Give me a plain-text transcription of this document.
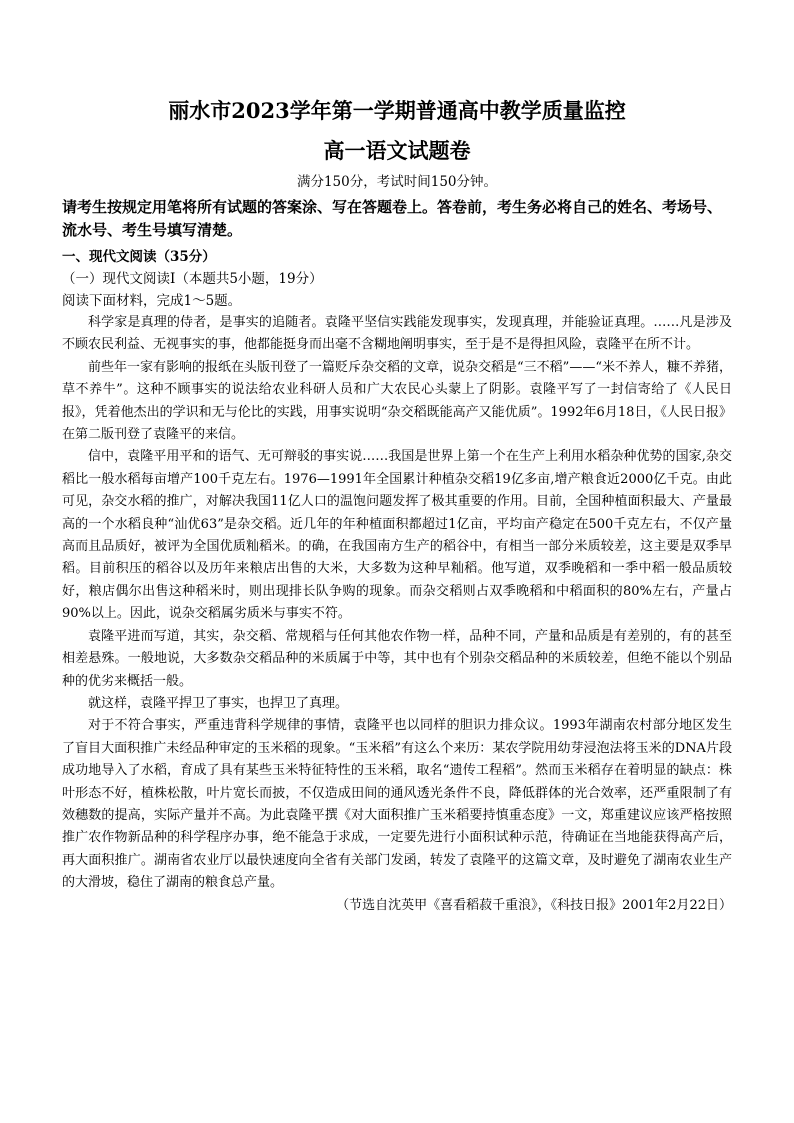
丽水市2023学年第一学期普通高中教学质量监控
高一语文试题卷

满分150分，考试时间150分钟。

请考生按规定用笔将所有试题的答案涂、写在答题卷上。答卷前，考生务必将自己的姓名、考场号、流水号、考生号填写清楚。

一、现代文阅读（35分）

（一）现代文阅读Ⅰ（本题共5小题，19分）

阅读下面材料，完成1～5题。

科学家是真理的侍者，是事实的追随者。袁隆平坚信实践能发现事实，发现真理，并能验证真理。……凡是涉及不顾农民利益、无视事实的事，他都能挺身而出毫不含糊地阐明事实，至于是不是得担风险，袁隆平在所不计。

前些年一家有影响的报纸在头版刊登了一篇贬斥杂交稻的文章，说杂交稻是“三不稻”——“米不养人，糠不养猪，草不养牛”。这种不顾事实的说法给农业科研人员和广大农民心头蒙上了阴影。袁隆平写了一封信寄给了《人民日报》，凭着他杰出的学识和无与伦比的实践，用事实说明“杂交稻既能高产又能优质”。1992年6月18日，《人民日报》在第二版刊登了袁隆平的来信。

信中，袁隆平用平和的语气、无可辩驳的事实说……我国是世界上第一个在生产上利用水稻杂种优势的国家,杂交稻比一般水稻每亩增产100千克左右。1976—1991年全国累计种植杂交稻19亿多亩,增产粮食近2000亿千克。由此可见，杂交水稻的推广，对解决我国11亿人口的温饱问题发挥了极其重要的作用。目前，全国种植面积最大、产量最高的一个水稻良种“汕优63”是杂交稻。近几年的年种植面积都超过1亿亩，平均亩产稳定在500千克左右，不仅产量高而且品质好，被评为全国优质籼稻米。的确，在我国南方生产的稻谷中，有相当一部分米质较差，这主要是双季早稻。目前积压的稻谷以及历年来粮店出售的大米，大多数为这种早籼稻。他写道，双季晚稻和一季中稻一般品质较好，粮店偶尔出售这种稻米时，则出现排长队争购的现象。而杂交稻则占双季晚稻和中稻面积的80%左右，产量占90%以上。因此，说杂交稻属劣质米与事实不符。

袁隆平进而写道，其实，杂交稻、常规稻与任何其他农作物一样，品种不同，产量和品质是有差别的，有的甚至相差悬殊。一般地说，大多数杂交稻品种的米质属于中等，其中也有个别杂交稻品种的米质较差，但绝不能以个别品种的优劣来概括一般。

就这样，袁隆平捍卫了事实，也捍卫了真理。

对于不符合事实，严重违背科学规律的事情，袁隆平也以同样的胆识力排众议。1993年湖南农村部分地区发生了盲目大面积推广未经品种审定的玉米稻的现象。“玉米稻”有这么个来历：某农学院用幼芽浸泡法将玉米的DNA片段成功地导入了水稻，育成了具有某些玉米特征特性的玉米稻，取名“遗传工程稻”。然而玉米稻存在着明显的缺点：株叶形态不好，植株松散，叶片宽长而披，不仅造成田间的通风透光条件不良，降低群体的光合效率，还严重限制了有效穗数的提高，实际产量并不高。为此袁隆平撰《对大面积推广玉米稻要持慎重态度》一文，郑重建议应该严格按照推广农作物新品种的科学程序办事，绝不能急于求成，一定要先进行小面积试种示范，待确证在当地能获得高产后，再大面积推广。湖南省农业厅以最快速度向全省有关部门发函，转发了袁隆平的这篇文章，及时避免了湖南农业生产的大滑坡，稳住了湖南的粮食总产量。

（节选自沈英甲《喜看稻菽千重浪》，《科技日报》2001年2月22日）
